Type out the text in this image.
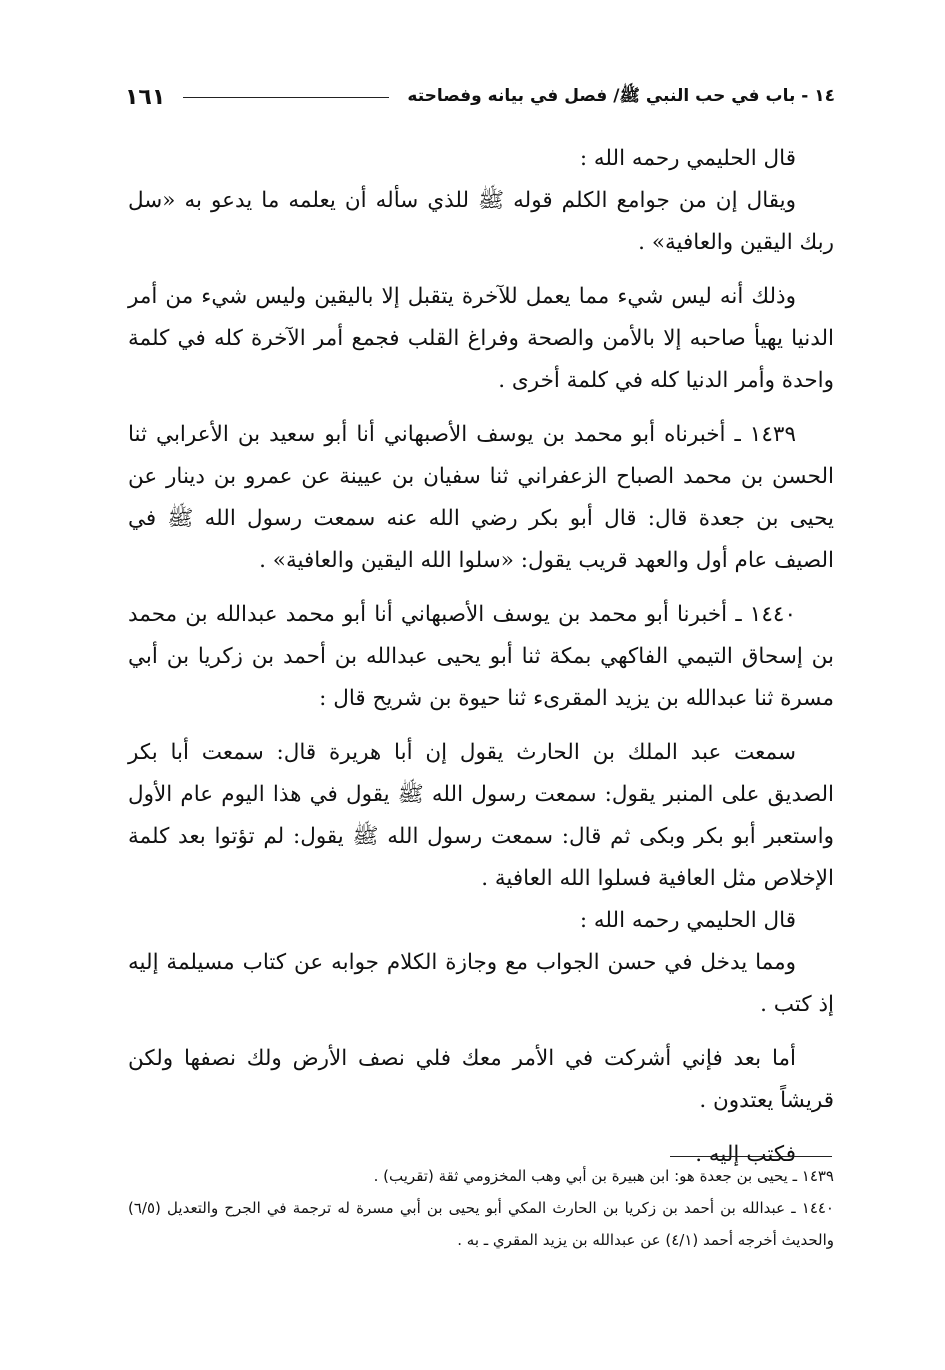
١٤ - باب في حب النبي ﷺ/ فصل في بيانه وفصاحته
١٦١

قال الحليمي رحمه الله :

ويقال إن من جوامع الكلم قوله ﷺ للذي سأله أن يعلمه ما يدعو به «سل ربك اليقين والعافية» .

وذلك أنه ليس شيء مما يعمل للآخرة يتقبل إلا باليقين وليس شيء من أمر الدنيا يهيأ صاحبه إلا بالأمن والصحة وفراغ القلب فجمع أمر الآخرة كله في كلمة واحدة وأمر الدنيا كله في كلمة أخرى .

١٤٣٩ ـ أخبرناه أبو محمد بن يوسف الأصبهاني أنا أبو سعيد بن الأعرابي ثنا الحسن بن محمد الصباح الزعفراني ثنا سفيان بن عيينة عن عمرو بن دينار عن يحيى بن جعدة قال: قال أبو بكر رضي الله عنه سمعت رسول الله ﷺ في الصيف عام أول والعهد قريب يقول: «سلوا الله اليقين والعافية» .

١٤٤٠ ـ أخبرنا أبو محمد بن يوسف الأصبهاني أنا أبو محمد عبدالله بن محمد بن إسحاق التيمي الفاكهي بمكة ثنا أبو يحيى عبدالله بن أحمد بن زكريا بن أبي مسرة ثنا عبدالله بن يزيد المقرىء ثنا حيوة بن شريح قال :

سمعت عبد الملك بن الحارث يقول إن أبا هريرة قال: سمعت أبا بكر الصديق على المنبر يقول: سمعت رسول الله ﷺ يقول في هذا اليوم عام الأول واستعبر أبو بكر وبكى ثم قال: سمعت رسول الله ﷺ يقول: لم تؤتوا بعد كلمة الإخلاص مثل العافية فسلوا الله العافية .

قال الحليمي رحمه الله :

ومما يدخل في حسن الجواب مع وجازة الكلام جوابه عن كتاب مسيلمة إليه إذ كتب .

أما بعد فإني أشركت في الأمر معك فلي نصف الأرض ولك نصفها ولكن قريشاً يعتدون .

فكتب إليه .

١٤٣٩ ـ يحيى بن جعدة هو: ابن هبيرة بن أبي وهب المخزومي ثقة (تقريب) .

١٤٤٠ ـ عبدالله بن أحمد بن زكريا بن الحارث المكي أبو يحيى بن أبي مسرة له ترجمة في الجرح والتعديل (٦/٥) والحديث أخرجه أحمد (٤/١) عن عبدالله بن يزيد المقري ـ به .
